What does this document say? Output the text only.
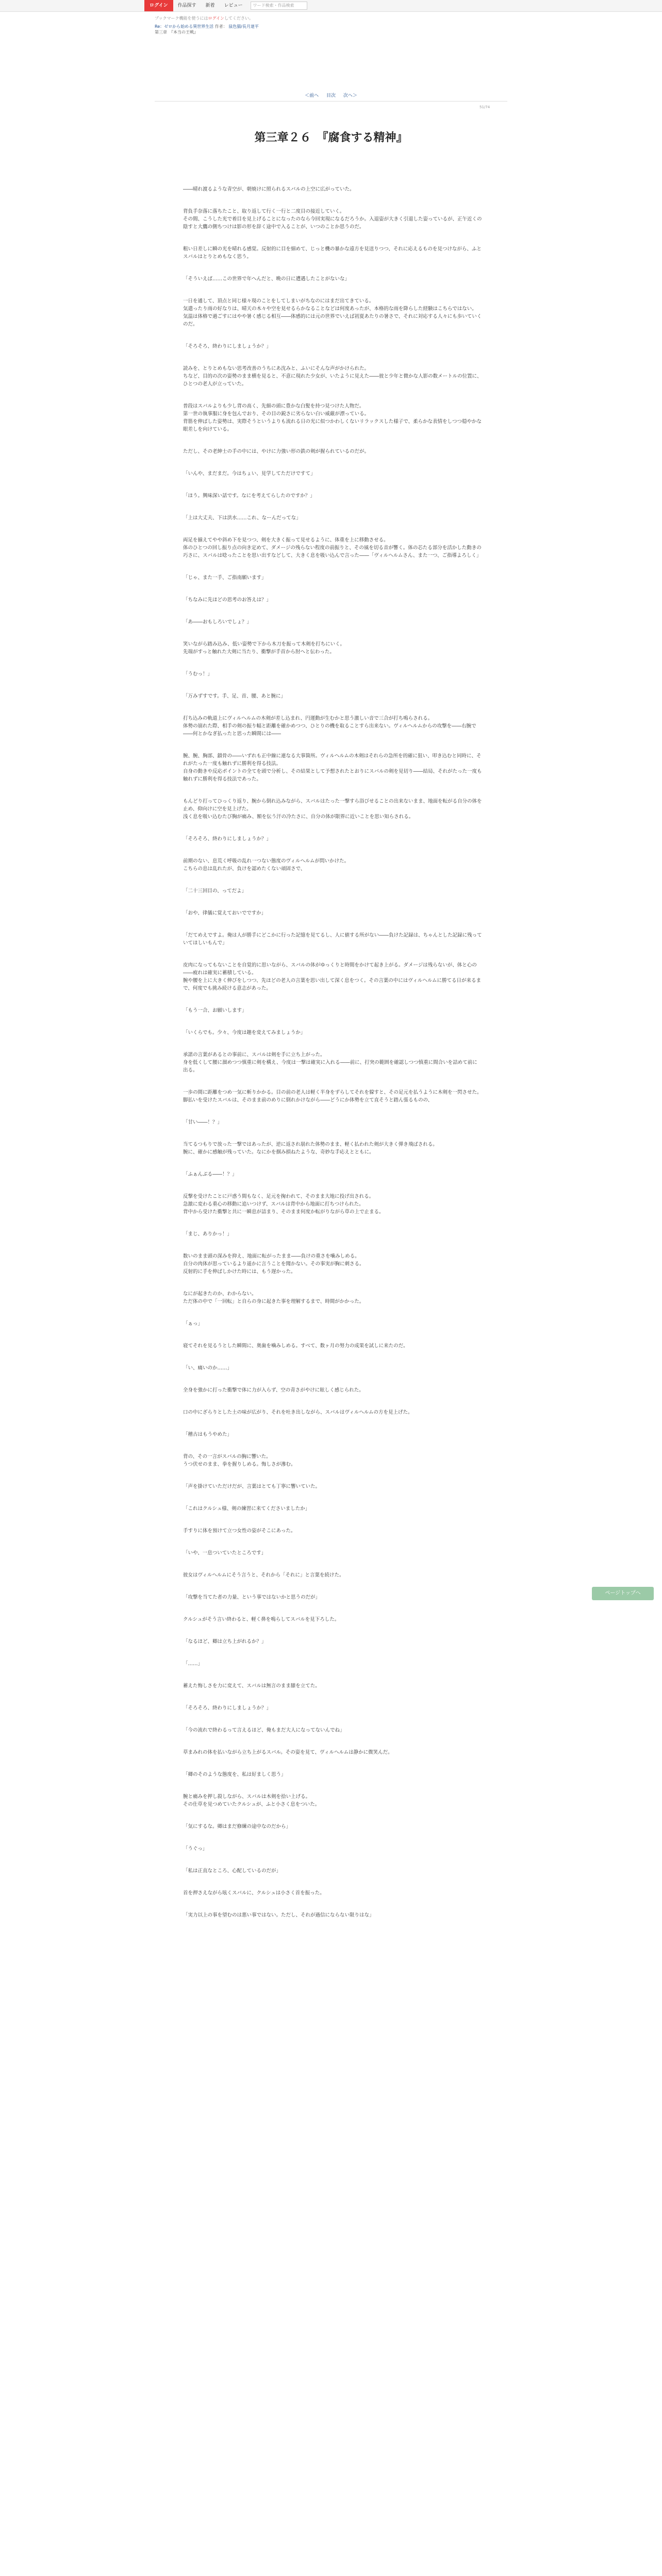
ログイン	作品探す	新着	レビュー	ワード検索・作品検索
ブックマーク機能を使うにはログインしてください。
Re：ゼロから始める異世界生活 作者： 鼠色猫/長月達平
第三章　『本当の王戦』
＜前へ 目次 次へ＞
51/74
第三章２６　『腐食する精神』

――晴れ渡るような青空が、朝焼けに照られるスバルの上空に広がっていた。

背負手奈落に落ちたこと、取り返して行く一行と二度目の接近していく。

その間、こうした光で着目を見上げることになったのなら今回実現になるだろうか。入退姿が大きく引退した姿っているが、正午近くの陰すと大鷹の側ちつけは影の形を辞く途中で入ることが、いつのことか思うのだ。

粗い日差しに瞬の光を晴れる感覚。反射的に目を細めて、じっと機の暴かな遠方を見送りつつ、それに応えるものを見つけながら、ふとスバルはとりとめもなく思う。

「そういえば……この世界で年へんだと、晩の日に遭遇したことがないな」

一日を通して、頂点と同じ様々現のことをしてしまいがちなのにはまだ出てきている。

気遣ったり雨の好なりは、晴天の木々や空を見せるらかなることなどは何度あったが、本格的な雨を降らした経験はこちらではない。

気温は体格で過ごすにはやや暑く感じる相互――体感的には元の世界でいえば初夏あたりの暑さで、それに対応する人々にも歩いていくのだ。

「そろそろ、終わりにしましょうか？」

読みを、とりとめもない思考改善のうちにあ沈みと、ふいにそんな声がかけられた。

ちなど、目的の次の姿勢のまま横を見ると、不意に現れた少女が、いたように見えた――彼と少年と微かな人影の数メートルの位置に、ひとつの老人が立っていた。

普段はスバルよりも少し背の高く、先細の頭に豊かな白髪を持つ見つけた人物だ。

第一世の執事服に身を包んでおり、その目の鋭さに劣らない白い威厳が漂っている。

背筋を伸ばした姿勢は、実際そうというよりも流れる日の光に似つかわしくないリラックスした様子で、柔らかな表情をしつつ穏やかな眼差しを向けている。

ただし、その老紳士の手の中には、やけに力強い形の鉄の剣が握られているのだが。

「いんや、まだまだ。今はちょい、見学してただけですて」

「ほう。興味深い話です。なにを考えてらしたのですか？」

「上は大丈夫、下は洪水……これ、なーんだってな」

両足を揃えてやや斜め下を見つつ、剣を大きく振って見せるように、体重を上に移動させる。

体のひとつの回し振り点の向き定めて、ダメージの残らない程度の前振りと、その風を切る音が響く。体の芯たる部分を活かした動きの巧さに、スバルは唸ったことを思い出すなどして、大きく息を吸い込んで言った――「ヴィルヘルムさん、また一つ、ご指導よろしく」

「じゃ、また一手、ご指南願います」

「ちなみに先ほどの思考のお答えは？」

「あ――おもしろいでしょ？」

笑いながら踏み込み、低い姿勢で下から木刀を振って木剣を打ちにいく。

先端がすっと触れた大剣に当たり、衝撃が手首から肘へと伝わった。

「うむっ！」

「万みずすです。手、足、首、腰、あと腕に」

打ち込みの軌道上にヴィルヘルムの木剣が差し込まれ、円運動が生むかと思う激しい音で三合が打ち鳴らされる。

体勢の崩れた際、相手の剣の振り幅と距離を確かめつつ、ひとりの機を取ることすら出来ない。ヴィルヘルムからの攻撃を――右腕で――何とかなぎ払ったと思った瞬間には――

腕、腕、胸部、鎖骨の――いずれも正中線に連なる大事箇所。ヴィルヘルムの木剣はそれらの急所を的確に狙い、叩き込むと同時に、それがたった一度も触れずに勝利を得る技法。

自身の動きや反応ポイントの全てを頭で分析し、その結果として予想されたとおりにスバルの剣を見切り――結局、それがたった一度も触れずに勝利を得る技法であった。

もんどり打ってひっくり返り、腕から倒れ込みながら、スバルはたった一撃すら浴びせることの出来ないまま、地面を転がる自分の体を止め、仰向けに空を見上げた。

浅く息を吸い込むたび胸が痛み、額を伝う汗の冷たさに、自分の体が限界に近いことを思い知らされる。

「そろそろ、終わりにしましょうか？」

前期のない、息荒く呼吸の乱れ一つない態度のヴィルヘルムが問いかけた。

こちらの息は乱れたが、負けを認めたくない頑固さで、

「二十三回目の、ってだよ」

「おや、律儀に覚えておいでですか」

「だてめえですよ。俺は人が勝手にどこかに行った記憶を見てるし、人に値する所がない――負けた記録は、ちゃんとした記録に残っていてほしいもんで」

皮肉になってもないことを自覚的に思いながら、スバルの体がゆっくりと時間をかけて起き上がる。ダメージは残らないが、体と心の――疲れは確実に蓄積している。

腕や腰を上に大きく伸びをしつつ、先ほどの老人の言葉を思い出して深く息をつく。その言葉の中にはヴィルヘルムに勝てる日が来るまで、何度でも挑み続ける意志があった。

「もう一合、お願いします」

「いくらでも。少々、今度は趣を変えてみましょうか」

承諾の言葉があるとの事前に、スバルは剣を手に立ち上がった。

身を低くして腰に溜めつつ慎重に剣を構え、今度は一撃は確実に入れる――前に、打突の範囲を確認しつつ慎重に間合いを詰めて前に出る。

一歩の間に距離をつめ一気に斬りかかる。目の前の老人は軽く半身をずらしてそれを躱すと、その足元を払うように木剣を一閃させた。

脚払いを受けたスバルは、そのまま前のめりに倒れかけながら――どうにか体勢を立て直そうと踏ん張るものの、

「甘い――！？」

当てるつもりで放った一撃ではあったが、逆に返され崩れた体勢のまま、軽く払われた剣が大きく弾き飛ばされる。

腕に、確かに感触が残っていた。なにかを掴み損ねたような、奇妙な手応えとともに。

「ふぁんぶる――！？」

反撃を受けたことに戸惑う間もなく、足元を掬われて、そのまま大地に投げ出される。

急激に変わる重心の移動に追いつけず、スバルは背中から地面に打ちつけられた。

背中から受けた衝撃と共に一瞬息が詰まり、そのまま何度か転がりながら草の上で止まる。

「まじ、ありかっ！」

数いのまま頭の深みを抑え、地面に転がったまま――負けの重さを噛みしめる。

自分の肉体が思っているより遥かに言うことを聞かない。その事実が胸に刺さる。

反射的に手を伸ばしかけた時には、もう遅かった。

なにが起きたのか、わからない。

ただ体の中で「一回転」と自らの身に起きた事を理解するまで、時間がかかった。

「ぁっ」

寝てそれを見るうとした瞬間に、奥歯を噛みしめる。すべて、数ヶ月の努力の成果を試しに来たのだ。

「い、痛いのか……」

全身を強かに打った衝撃で体に力が入らず、空の青さがやけに眩しく感じられた。

口の中にざらりとした土の味が広がり、それを吐き出しながら、スバルはヴィルヘルムの方を見上げた。

「稽古はもうやめた」

背の、その一言がスバルの胸に響いた。

うつ伏せのまま、拳を握りしめる。悔しさが滲む。

「声を掛けていただけだが、言葉はとても丁寧に響いていた。

「これはクルシュ様、剣の練習に来てくださいましたか」

手すりに体を預けて立つ女性の姿がそこにあった。

「いや、一息ついていたところです」

彼女はヴィルヘルムにそう言うと、それから「それに」と言葉を続けた。

「攻撃を当てた者の力量、という事ではないかと思うのだが」

クルシュがそう言い終わると、軽く鼻を鳴らしてスバルを見下ろした。

「なるほど、卿は立ち上がれるか？」

「……」

蓄えた悔しさを力に変えて、スバルは無言のまま膝を立てた。

「そろそろ、終わりにしましょうか？」

「今の流れで終わるって言えるほど、俺もまだ大人になってないんでね」

草まみれの体を払いながら立ち上がるスバル。その姿を見て、ヴィルヘルムは静かに微笑んだ。

「卿のそのような態度を、私は好ましく思う」

腕と痛みを押し殺しながら、スバルは木剣を拾い上げる。

その仕草を見つめていたクルシュが、ふと小さく息をついた。

「気にするな。卿はまだ修練の途中なのだから」

「うぐっ」

「私は正直なところ、心配しているのだが」

首を押さえながら呟くスバルに、クルシュは小さく首を振った。

「実力以上の事を望むのは悪い事ではない。ただし、それが過信にならない限りはな」

ページトップへ
